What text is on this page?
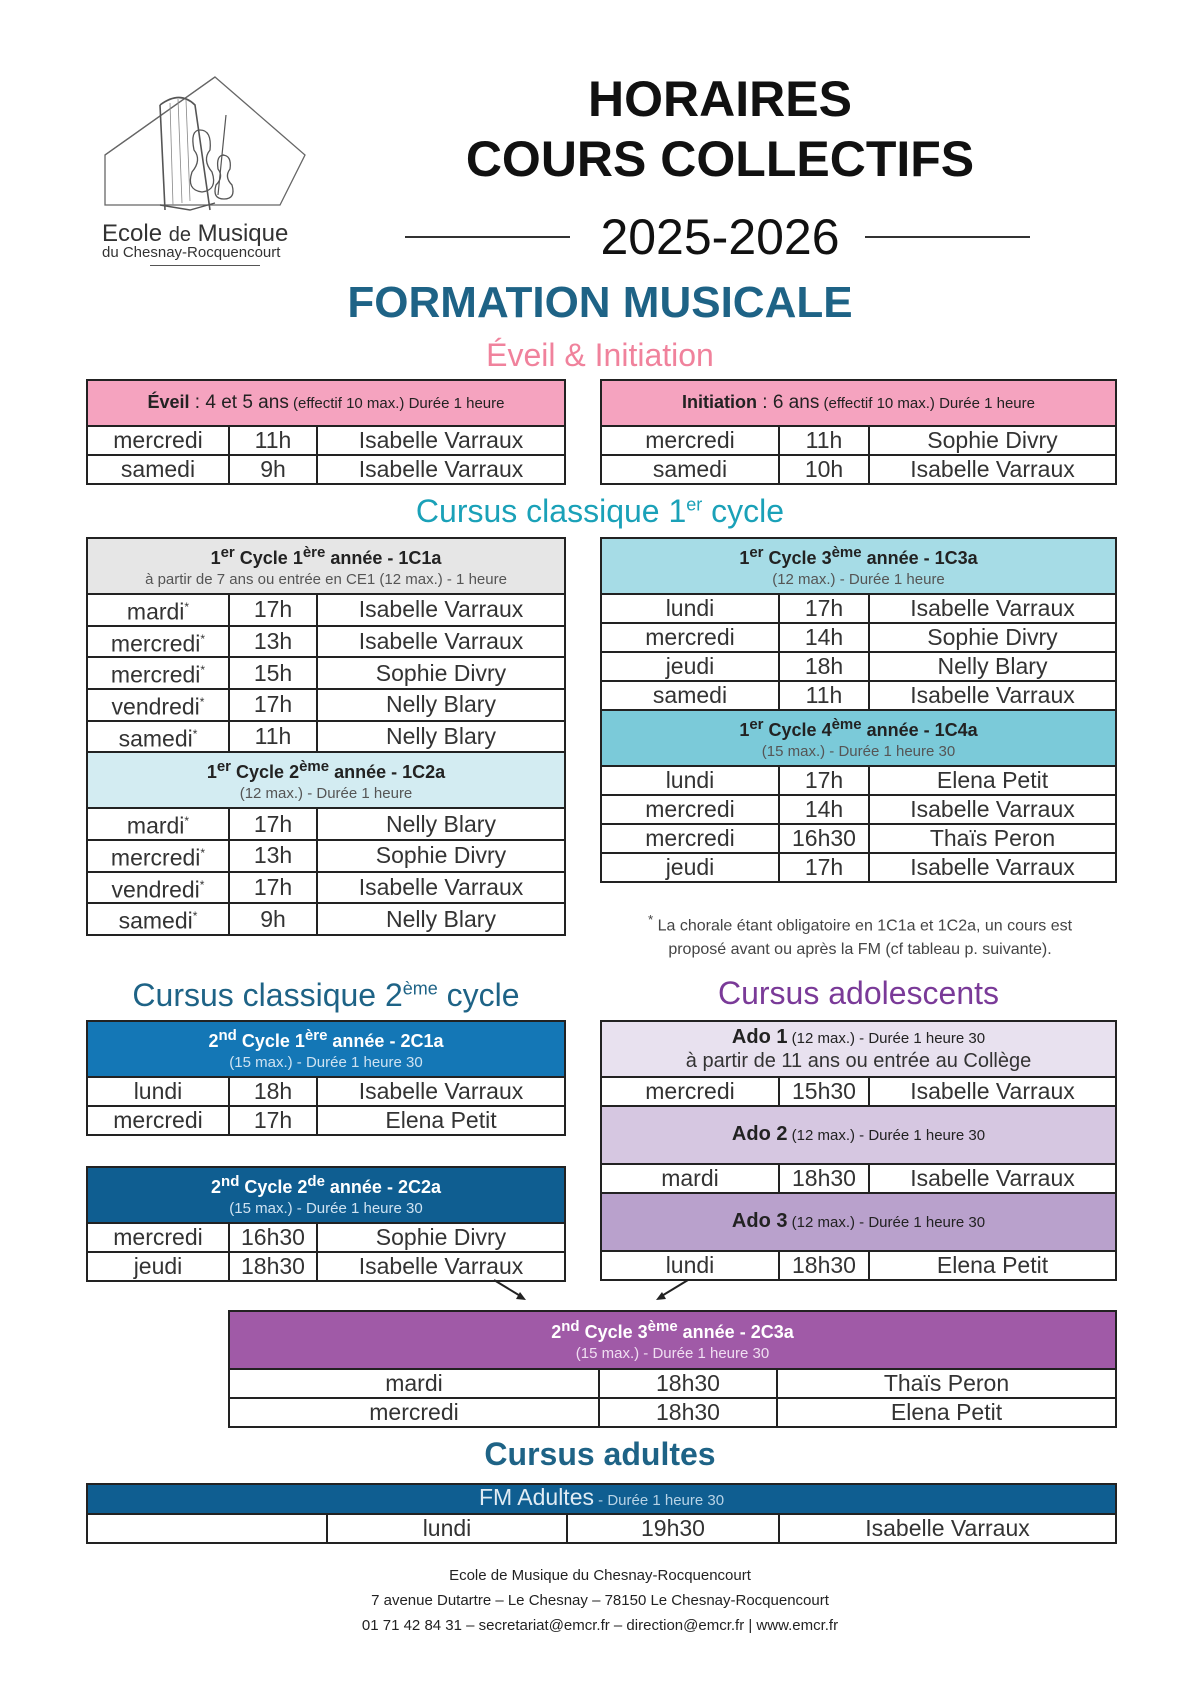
Ecole de Musique
du Chesnay-Rocquencourt
HORAIRES
COURS COLLECTIFS
2025-2026
FORMATION MUSICALE
Éveil & Initiation
Éveil : 4 et 5 ans (effectif 10 max.) Durée 1 heure		
mercredi	11h	Isabelle Varraux
samedi	9h	Isabelle Varraux
Initiation : 6 ans (effectif 10 max.) Durée 1 heure		
mercredi	11h	Sophie Divry
samedi	10h	Isabelle Varraux
Cursus classique 1er cycle
1er Cycle 1ère année - 1C1a
à partir de 7 ans ou entrée en CE1 (12 max.) - 1 heure		

mardi*	17h	Isabelle Varraux
mercredi*	13h	Isabelle Varraux
mercredi*	15h	Sophie Divry
vendredi*	17h	Nelly Blary
samedi*	11h	Nelly Blary
1er Cycle 2ème année - 1C2a
(12 max.) - Durée 1 heure		

mardi*	17h	Nelly Blary
mercredi*	13h	Sophie Divry
vendredi*	17h	Isabelle Varraux
samedi*	9h	Nelly Blary
1er Cycle 3ème année - 1C3a
(12 max.) - Durée 1 heure		

lundi	17h	Isabelle Varraux
mercredi	14h	Sophie Divry
jeudi	18h	Nelly Blary
samedi	11h	Isabelle Varraux
1er Cycle 4ème année - 1C4a
(15 max.) - Durée 1 heure 30		

lundi	17h	Elena Petit
mercredi	14h	Isabelle Varraux
mercredi	16h30	Thaïs Peron
jeudi	17h	Isabelle Varraux
* La chorale étant obligatoire en 1C1a et 1C2a, un cours est
proposé avant ou après la FM (cf tableau p. suivante).
Cursus classique 2ème cycle	Cursus adolescents
2nd Cycle 1ère année - 2C1a
(15 max.) - Durée 1 heure 30		

lundi	18h	Isabelle Varraux
mercredi	17h	Elena Petit
2nd Cycle 2de année - 2C2a
(15 max.) - Durée 1 heure 30		

mercredi	16h30	Sophie Divry
jeudi	18h30	Isabelle Varraux
Ado 1 (12 max.) - Durée 1 heure 30
à partir de 11 ans ou entrée au Collège		

mercredi	15h30	Isabelle Varraux
Ado 2 (12 max.) - Durée 1 heure 30		
mardi	18h30	Isabelle Varraux
Ado 3 (12 max.) - Durée 1 heure 30		
lundi	18h30	Elena Petit
2nd Cycle 3ème année - 2C3a
(15 max.) - Durée 1 heure 30		

mardi	18h30	Thaïs Peron
mercredi	18h30	Elena Petit
Cursus adultes
FM Adultes - Durée 1 heure 30
	lundi	19h30	Isabelle Varraux
Ecole de Musique du Chesnay-Rocquencourt
7 avenue Dutartre – Le Chesnay – 78150 Le Chesnay-Rocquencourt
01 71 42 84 31 – secretariat@emcr.fr – direction@emcr.fr | www.emcr.fr
